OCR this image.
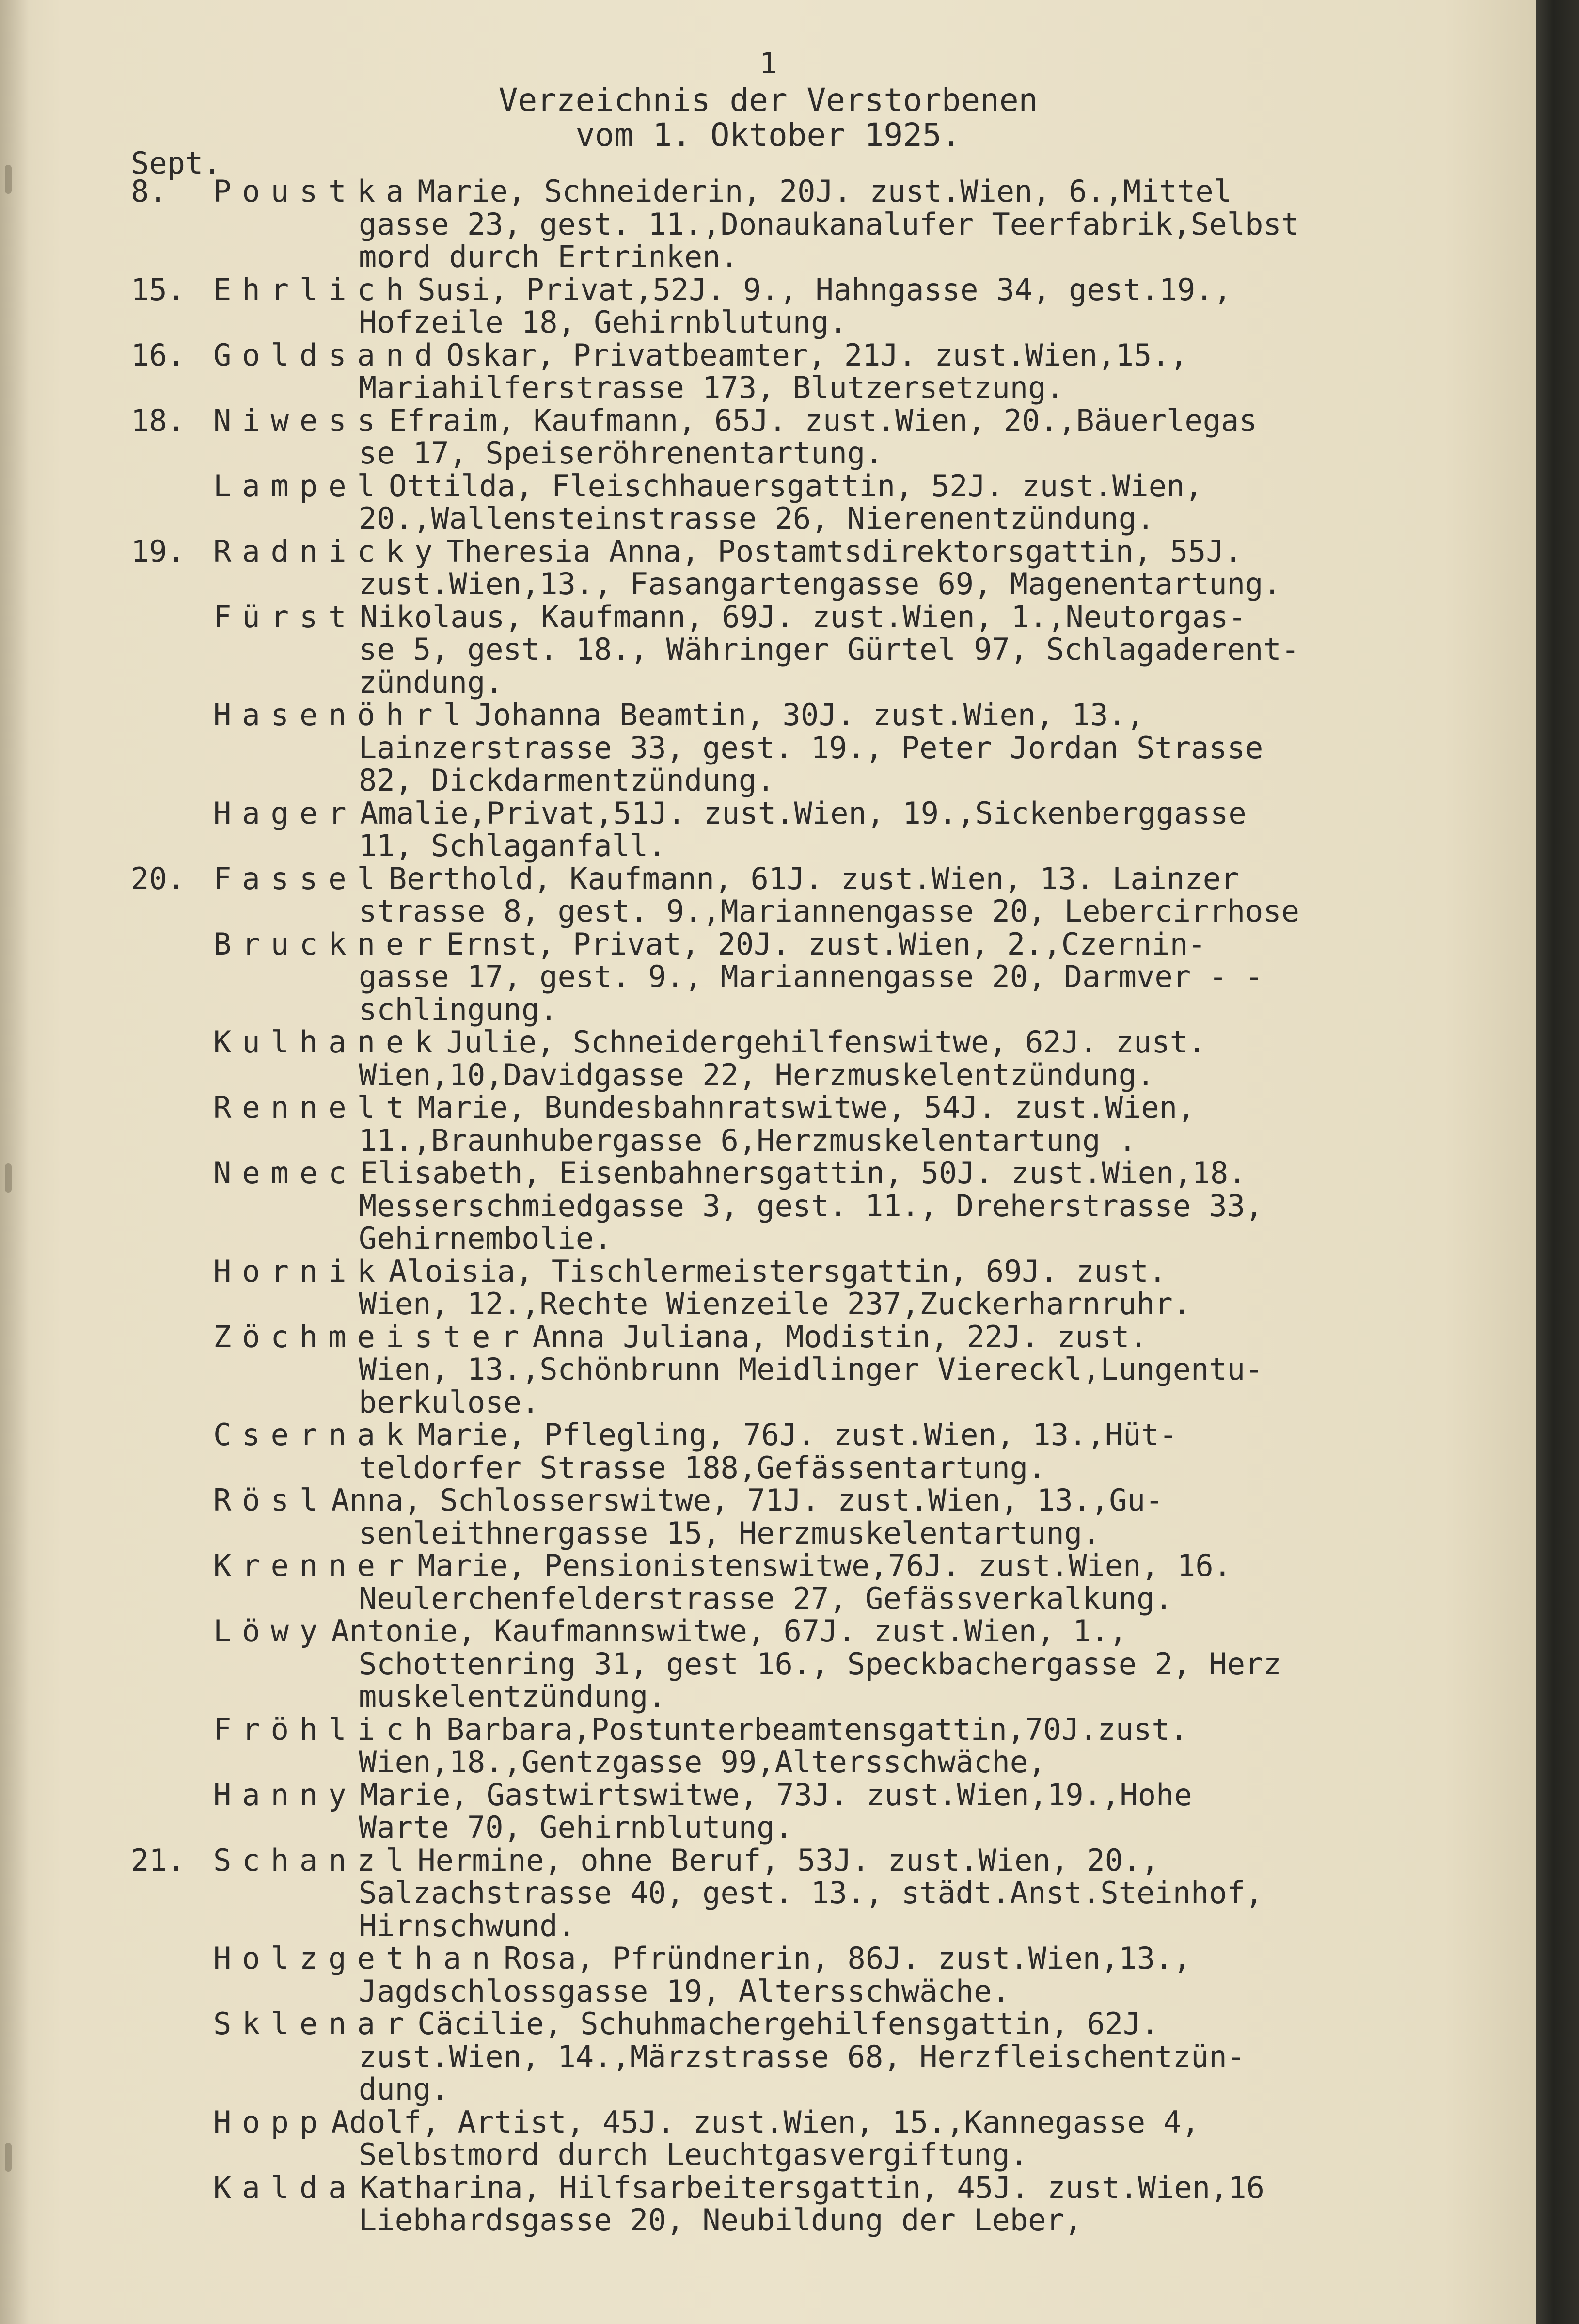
1
Verzeichnis der Verstorbenen
vom 1. Oktober 1925.
Sept.
8. Poustka Marie, Schneiderin, 20J. zust.Wien, 6.,Mittel
gasse 23, gest. 11.,Donaukanalufer Teerfabrik,Selbst
mord durch Ertrinken.
15. Ehrlich Susi, Privat,52J. 9., Hahngasse 34, gest.19.,
Hofzeile 18, Gehirnblutung.
16. Goldsand Oskar, Privatbeamter, 21J. zust.Wien,15.,
Mariahilferstrasse 173, Blutzersetzung.
18. Niwess Efraim, Kaufmann, 65J. zust.Wien, 20.,Bäuerlegas
se 17, Speiseröhrenentartung.
Lampel Ottilda, Fleischhauersgattin, 52J. zust.Wien,
20.,Wallensteinstrasse 26, Nierenentzündung.
19. Radnicky Theresia Anna, Postamtsdirektorsgattin, 55J.
zust.Wien,13., Fasangartengasse 69, Magenentartung.
Fürst Nikolaus, Kaufmann, 69J. zust.Wien, 1.,Neutorgas-
se 5, gest. 18., Währinger Gürtel 97, Schlagaderent-
zündung.
Hasenöhrl Johanna Beamtin, 30J. zust.Wien, 13.,
Lainzerstrasse 33, gest. 19., Peter Jordan Strasse
82, Dickdarmentzündung.
Hager Amalie,Privat,51J. zust.Wien, 19.,Sickenberggasse
11, Schlaganfall.
20. Fassel Berthold, Kaufmann, 61J. zust.Wien, 13. Lainzer
strasse 8, gest. 9.,Mariannengasse 20, Lebercirrhose
Bruckner Ernst, Privat, 20J. zust.Wien, 2.,Czernin-
gasse 17, gest. 9., Mariannengasse 20, Darmver - -
schlingung.
Kulhanek Julie, Schneidergehilfenswitwe, 62J. zust.
Wien,10,Davidgasse 22, Herzmuskelentzündung.
Rennelt Marie, Bundesbahnratswitwe, 54J. zust.Wien,
11.,Braunhubergasse 6,Herzmuskelentartung .
Nemec Elisabeth, Eisenbahnersgattin, 50J. zust.Wien,18.
Messerschmiedgasse 3, gest. 11., Dreherstrasse 33,
Gehirnembolie.
Hornik Aloisia, Tischlermeistersgattin, 69J. zust.
Wien, 12.,Rechte Wienzeile 237,Zuckerharnruhr.
Zöchmeister Anna Juliana, Modistin, 22J. zust.
Wien, 13.,Schönbrunn Meidlinger Viereckl,Lungentu-
berkulose.
Csernak Marie, Pflegling, 76J. zust.Wien, 13.,Hüt-
teldorfer Strasse 188,Gefässentartung.
Rösl Anna, Schlosserswitwe, 71J. zust.Wien, 13.,Gu-
senleithnergasse 15, Herzmuskelentartung.
Krenner Marie, Pensionistenswitwe,76J. zust.Wien, 16.
Neulerchenfelderstrasse 27, Gefässverkalkung.
Löwy Antonie, Kaufmannswitwe, 67J. zust.Wien, 1.,
Schottenring 31, gest 16., Speckbachergasse 2, Herz
muskelentzündung.
Fröhlich Barbara,Postunterbeamtensgattin,70J.zust.
Wien,18.,Gentzgasse 99,Altersschwäche,
Hanny Marie, Gastwirtswitwe, 73J. zust.Wien,19.,Hohe
Warte 70, Gehirnblutung.
21. Schanzl Hermine, ohne Beruf, 53J. zust.Wien, 20.,
Salzachstrasse 40, gest. 13., städt.Anst.Steinhof,
Hirnschwund.
Holzgethan Rosa, Pfründnerin, 86J. zust.Wien,13.,
Jagdschlossgasse 19, Altersschwäche.
Sklenar Cäcilie, Schuhmachergehilfensgattin, 62J.
zust.Wien, 14.,Märzstrasse 68, Herzfleischentzün-
dung.
Hopp Adolf, Artist, 45J. zust.Wien, 15.,Kannegasse 4,
Selbstmord durch Leuchtgasvergiftung.
Kalda Katharina, Hilfsarbeitersgattin, 45J. zust.Wien,16
Liebhardsgasse 20, Neubildung der Leber,
